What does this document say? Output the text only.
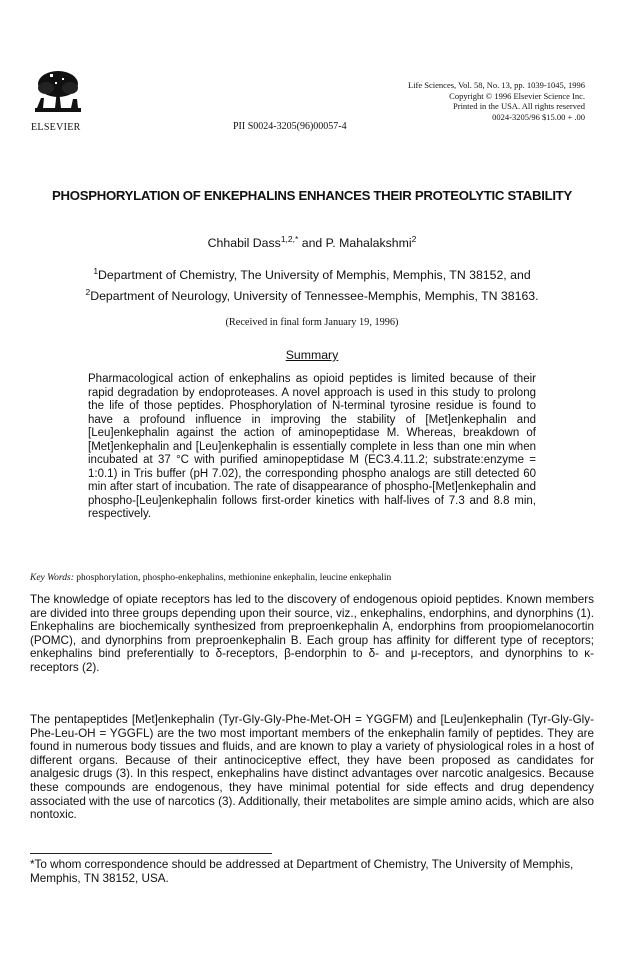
ELSEVIER	PII S0024-3205(96)00057-4
Life Sciences, Vol. 58, No. 13, pp. 1039-1045, 1996
Copyright © 1996 Elsevier Science Inc.
Printed in the USA. All rights reserved
0024-3205/96 $15.00 + .00
PHOSPHORYLATION OF ENKEPHALINS ENHANCES THEIR PROTEOLYTIC STABILITY
Chhabil Dass$^{1,2,*}$ and P. Mahalakshmi$^2$
$^1$Department of Chemistry, The University of Memphis, Memphis, TN 38152, and
$^2$Department of Neurology, University of Tennessee-Memphis, Memphis, TN 38163.
(Received in final form January 19, 1996)
Summary
Pharmacological action of enkephalins as opioid peptides is limited because of their rapid degradation by endoproteases. A novel approach is used in this study to prolong the life of those peptides. Phosphorylation of N-terminal tyrosine residue is found to have a profound influence in improving the stability of [Met]enkephalin and [Leu]enkephalin against the action of aminopeptidase M. Whereas, breakdown of [Met]enkephalin and [Leu]enkephalin is essentially complete in less than one min when incubated at 37 °C with purified aminopeptidase M (EC3.4.11.2; substrate:enzyme = 1:0.1) in Tris buffer (pH 7.02), the corresponding phospho analogs are still detected 60 min after start of incubation. The rate of disappearance of phospho-[Met]enkephalin and phospho-[Leu]enkephalin follows first-order kinetics with half-lives of 7.3 and 8.8 min, respectively.
Key Words: phosphorylation, phospho-enkephalins, methionine enkephalin, leucine enkephalin
The knowledge of opiate receptors has led to the discovery of endogenous opioid peptides. Known members are divided into three groups depending upon their source, viz., enkephalins, endorphins, and dynorphins (1). Enkephalins are biochemically synthesized from preproenkephalin A, endorphins from proopiomelanocortin (POMC), and dynorphins from preproenkephalin B. Each group has affinity for different type of receptors; enkephalins bind preferentially to δ-receptors, β-endorphin to δ- and μ-receptors, and dynorphins to κ-receptors (2).
The pentapeptides [Met]enkephalin (Tyr-Gly-Gly-Phe-Met-OH = YGGFM) and [Leu]enkephalin (Tyr-Gly-Gly-Phe-Leu-OH = YGGFL) are the two most important members of the enkephalin family of peptides. They are found in numerous body tissues and fluids, and are known to play a variety of physiological roles in a host of different organs. Because of their antinociceptive effect, they have been proposed as candidates for analgesic drugs (3). In this respect, enkephalins have distinct advantages over narcotic analgesics. Because these compounds are endogenous, they have minimal potential for side effects and drug dependency associated with the use of narcotics (3). Additionally, their metabolites are simple amino acids, which are also nontoxic.
*To whom correspondence should be addressed at Department of Chemistry, The University of Memphis, Memphis, TN 38152, USA.
